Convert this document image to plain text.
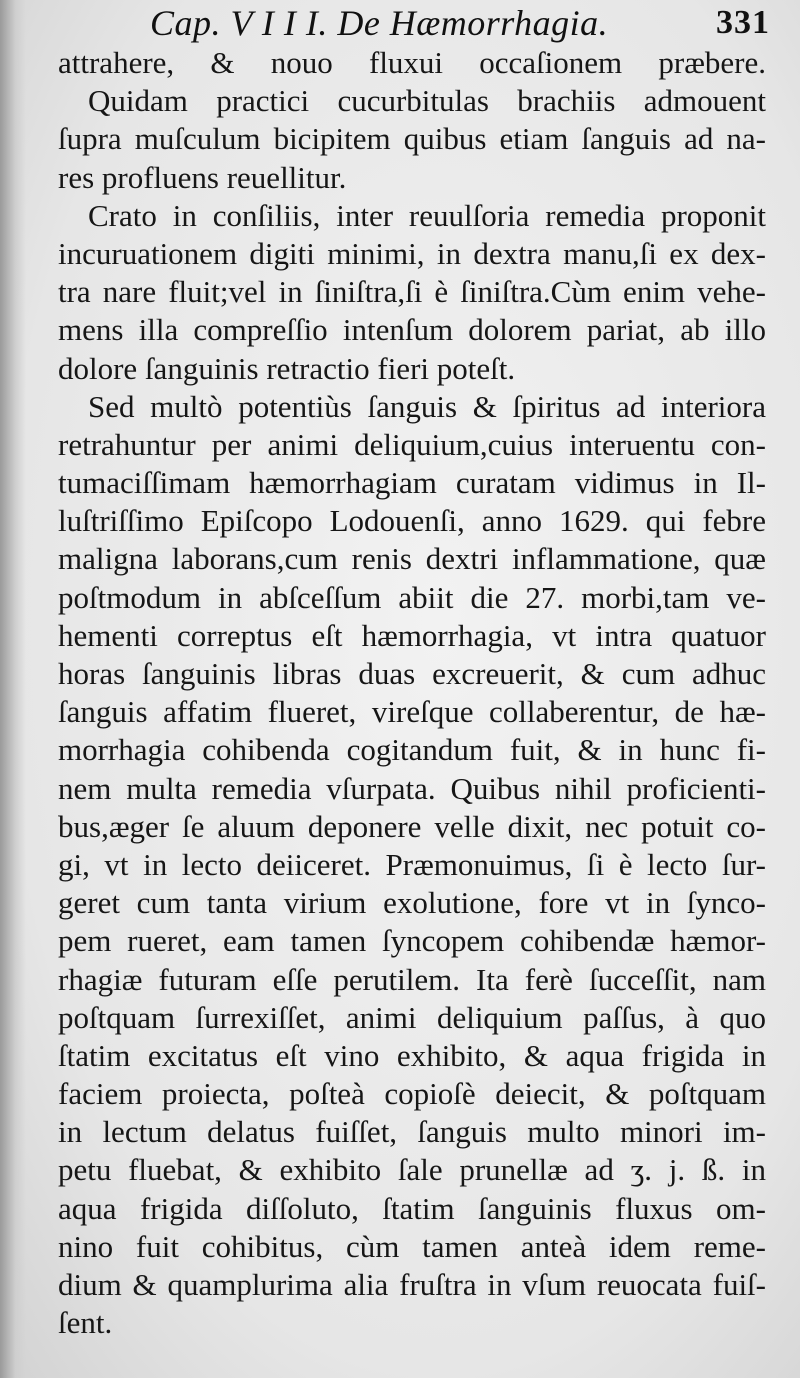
Cap. V I I I. De Hæmorrhagia.	331
attrahere, & nouo fluxui occaſionem præbere.
Quidam practici cucurbitulas brachiis admouent
ſupra muſculum bicipitem quibus etiam ſanguis ad na-
res profluens reuellitur.
Crato in conſiliis, inter reuulſoria remedia proponit
incuruationem digiti minimi, in dextra manu,ſi ex dex-
tra nare fluit;vel in ſiniſtra,ſi è ſiniſtra.Cùm enim vehe-
mens illa compreſſio intenſum dolorem pariat, ab illo
dolore ſanguinis retractio fieri poteſt.
Sed multò potentiùs ſanguis & ſpiritus ad interiora
retrahuntur per animi deliquium,cuius interuentu con-
tumaciſſimam hæmorrhagiam curatam vidimus in Il-
luſtriſſimo Epiſcopo Lodouenſi, anno 1629. qui febre
maligna laborans,cum renis dextri inflammatione, quæ
poſtmodum in abſceſſum abiit die 27. morbi,tam ve-
hementi correptus eſt hæmorrhagia, vt intra quatuor
horas ſanguinis libras duas excreuerit, & cum adhuc
ſanguis affatim flueret, vireſque collaberentur, de hæ-
morrhagia cohibenda cogitandum fuit, & in hunc fi-
nem multa remedia vſurpata. Quibus nihil proficienti-
bus,æger ſe aluum deponere velle dixit, nec potuit co-
gi, vt in lecto deiiceret. Præmonuimus, ſi è lecto ſur-
geret cum tanta virium exolutione, fore vt in ſynco-
pem rueret, eam tamen ſyncopem cohibendæ hæmor-
rhagiæ futuram eſſe perutilem. Ita ferè ſucceſſit, nam
poſtquam ſurrexiſſet, animi deliquium paſſus, à quo
ſtatim excitatus eſt vino exhibito, & aqua frigida in
faciem proiecta, poſteà copioſè deiecit, & poſtquam
in lectum delatus fuiſſet, ſanguis multo minori im-
petu fluebat, & exhibito ſale prunellæ ad ʒ. j. ß. in
aqua frigida diſſoluto, ſtatim ſanguinis fluxus om-
nino fuit cohibitus, cùm tamen anteà idem reme-
dium & quamplurima alia fruſtra in vſum reuocata fuiſ-
ſent.
